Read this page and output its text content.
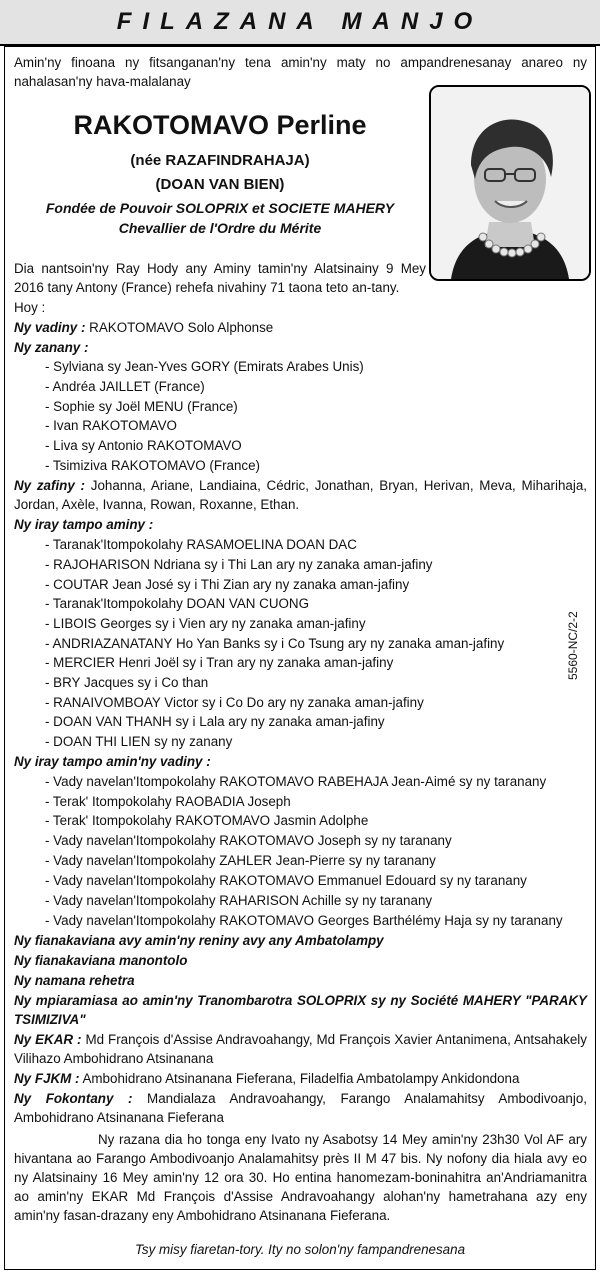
FILAZANA MANJO
Amin'ny finoana ny fitsanganan'ny tena amin'ny maty no ampandrenesanay anareo ny nahalasan'ny hava-malalanay
RAKOTOMAVO Perline
(née RAZAFINDRAHAJA)
(DOAN VAN BIEN)
Fondée de Pouvoir SOLOPRIX et SOCIETE MAHERY
Chevallier de l'Ordre du Mérite
Dia nantsoin'ny Ray Hody any Aminy tamin'ny Alatsinainy 9 Mey 2016 tany Antony (France) rehefa nivahiny 71 taona teto an-tany.
Hoy :
Ny vadiny : RAKOTOMAVO Solo Alphonse
Ny zanany :
- Sylviana sy Jean-Yves GORY (Emirats Arabes Unis)
- Andréa JAILLET (France)
- Sophie sy Joël MENU (France)
- Ivan RAKOTOMAVO
- Liva sy Antonio RAKOTOMAVO
- Tsimiziva RAKOTOMAVO (France)
Ny zafiny : Johanna, Ariane, Landiaina, Cédric, Jonathan, Bryan, Herivan, Meva, Miharihaja, Jordan, Axèle, Ivanna, Rowan, Roxanne, Ethan.
Ny iray tampo aminy :
- Taranak'Itompokolahy RASAMOELINA DOAN DAC
- RAJOHARISON Ndriana sy i Thi Lan ary ny zanaka aman-jafiny
- COUTAR Jean José sy i Thi Zian ary ny zanaka aman-jafiny
- Taranak'Itompokolahy DOAN VAN CUONG
- LIBOIS Georges sy i Vien ary ny zanaka aman-jafiny
- ANDRIAZANATANY Ho Yan Banks sy i Co Tsung ary ny zanaka aman-jafiny
- MERCIER Henri Joël sy i Tran ary ny zanaka aman-jafiny
- BRY Jacques sy i Co than
- RANAIVOMBOAY Victor sy i Co Do ary ny zanaka aman-jafiny
- DOAN VAN THANH sy i Lala ary ny zanaka aman-jafiny
- DOAN THI LIEN sy ny zanany
Ny iray tampo amin'ny vadiny :
- Vady navelan'Itompokolahy RAKOTOMAVO RABEHAJA Jean-Aimé sy ny taranany
- Terak' Itompokolahy RAOBADIA Joseph
- Terak' Itompokolahy RAKOTOMAVO Jasmin Adolphe
- Vady navelan'Itompokolahy RAKOTOMAVO Joseph sy ny taranany
- Vady navelan'Itompokolahy ZAHLER Jean-Pierre sy ny taranany
- Vady navelan'Itompokolahy RAKOTOMAVO Emmanuel Edouard sy ny taranany
- Vady navelan'Itompokolahy RAHARISON Achille sy ny taranany
- Vady navelan'Itompokolahy RAKOTOMAVO Georges Barthélémy Haja sy ny taranany
Ny fianakaviana avy amin'ny reniny avy any Ambatolampy
Ny fianakaviana manontolo
Ny namana rehetra
Ny mpiaramiasa ao amin'ny Tranombarotra SOLOPRIX sy ny Société MAHERY "PARAKY TSIMIZIVA"
Ny EKAR : Md François d'Assise Andravoahangy, Md François Xavier Antanimena, Antsahakely Vilihazo Ambohidrano Atsinanana
Ny FJKM : Ambohidrano Atsinanana Fieferana, Filadelfia Ambatolampy Ankidondona
Ny Fokontany : Mandialaza Andravoahangy, Farango Analamahitsy Ambodivoanjo, Ambohidrano Atsinanana Fieferana
Ny razana dia ho tonga eny Ivato ny Asabotsy 14 Mey amin'ny 23h30 Vol AF ary hivantana ao Farango Ambodivoanjo Analamahitsy près II M 47 bis. Ny nofony dia hiala avy eo ny Alatsinainy 16 Mey amin'ny 12 ora 30. Ho entina hanomezam-boninahitra an'Andriamanitra ao amin'ny EKAR Md François d'Assise Andravoahangy alohan'ny hametrahana azy eny amin'ny fasan-drazany eny Ambohidrano Atsinanana Fieferana.
Tsy misy fiaretan-tory. Ity no solon'ny fampandrenesana
5560-NC/2-2
